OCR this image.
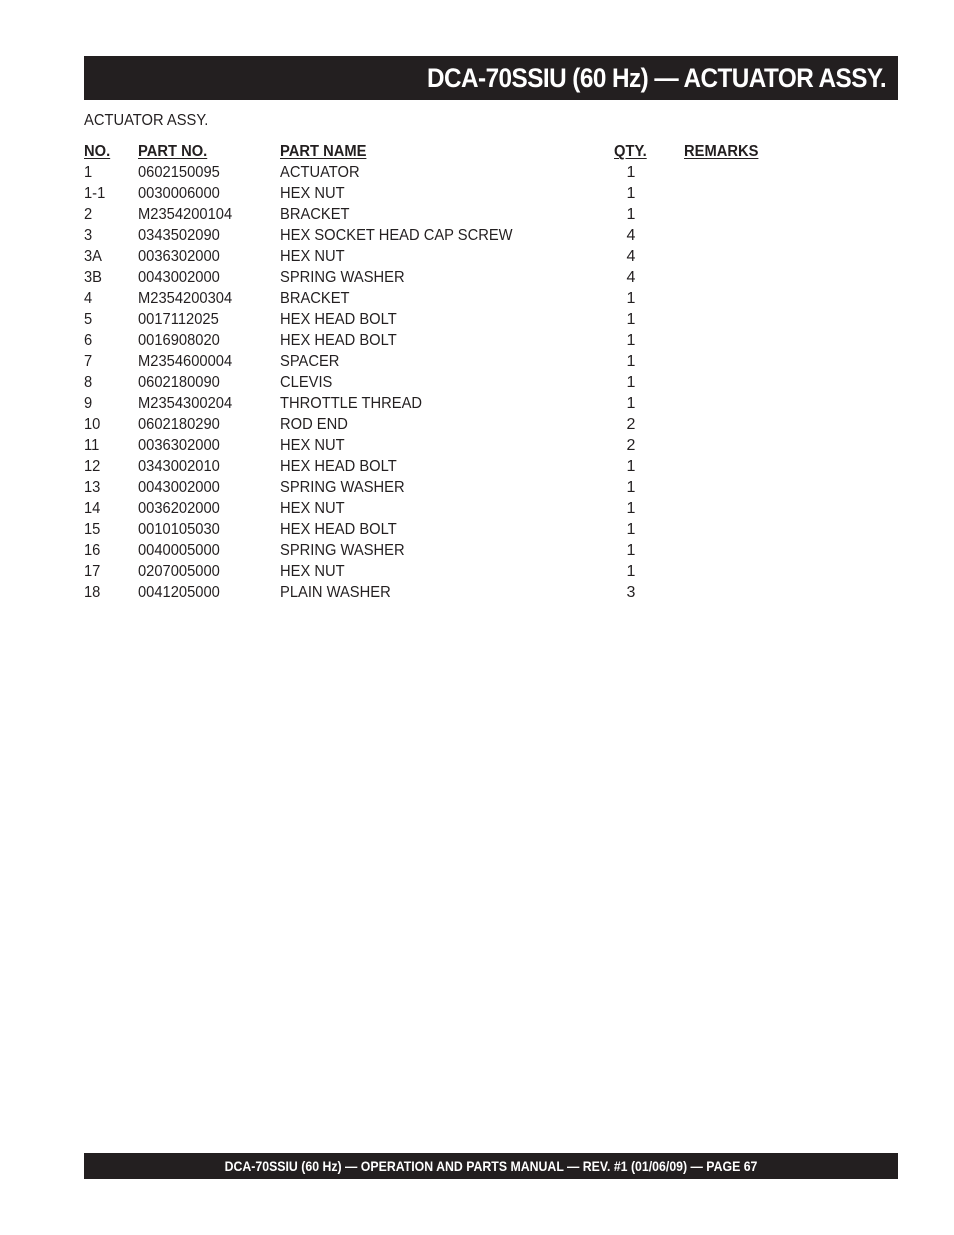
DCA-70SSIU (60 Hz) — ACTUATOR ASSY.
ACTUATOR ASSY.
NO. PART NO.	PART NAME	QTY. REMARKS
1	0602150095	ACTUATOR	1
1-1 0030006000	HEX NUT	1
2	M2354200104	BRACKET	1
3	0343502090	HEX SOCKET HEAD CAP SCREW	4
3A 0036302000	HEX NUT	4
3B 0043002000	SPRING WASHER	4
4	M2354200304	BRACKET	1
5	0017112025	HEX HEAD BOLT	1
6	0016908020	HEX HEAD BOLT	1
7	M2354600004	SPACER	1
8	0602180090	CLEVIS	1
9	M2354300204	THROTTLE THREAD	1
10 0602180290	ROD END	2
11 0036302000	HEX NUT	2
12 0343002010	HEX HEAD BOLT	1
13 0043002000	SPRING WASHER	1
14 0036202000	HEX NUT	1
15 0010105030	HEX HEAD BOLT	1
16 0040005000	SPRING WASHER	1
17 0207005000	HEX NUT	1
18 0041205000	PLAIN WASHER	3
DCA-70SSIU (60 Hz) — OPERATION AND PARTS MANUAL — REV. #1 (01/06/09) — PAGE 67
